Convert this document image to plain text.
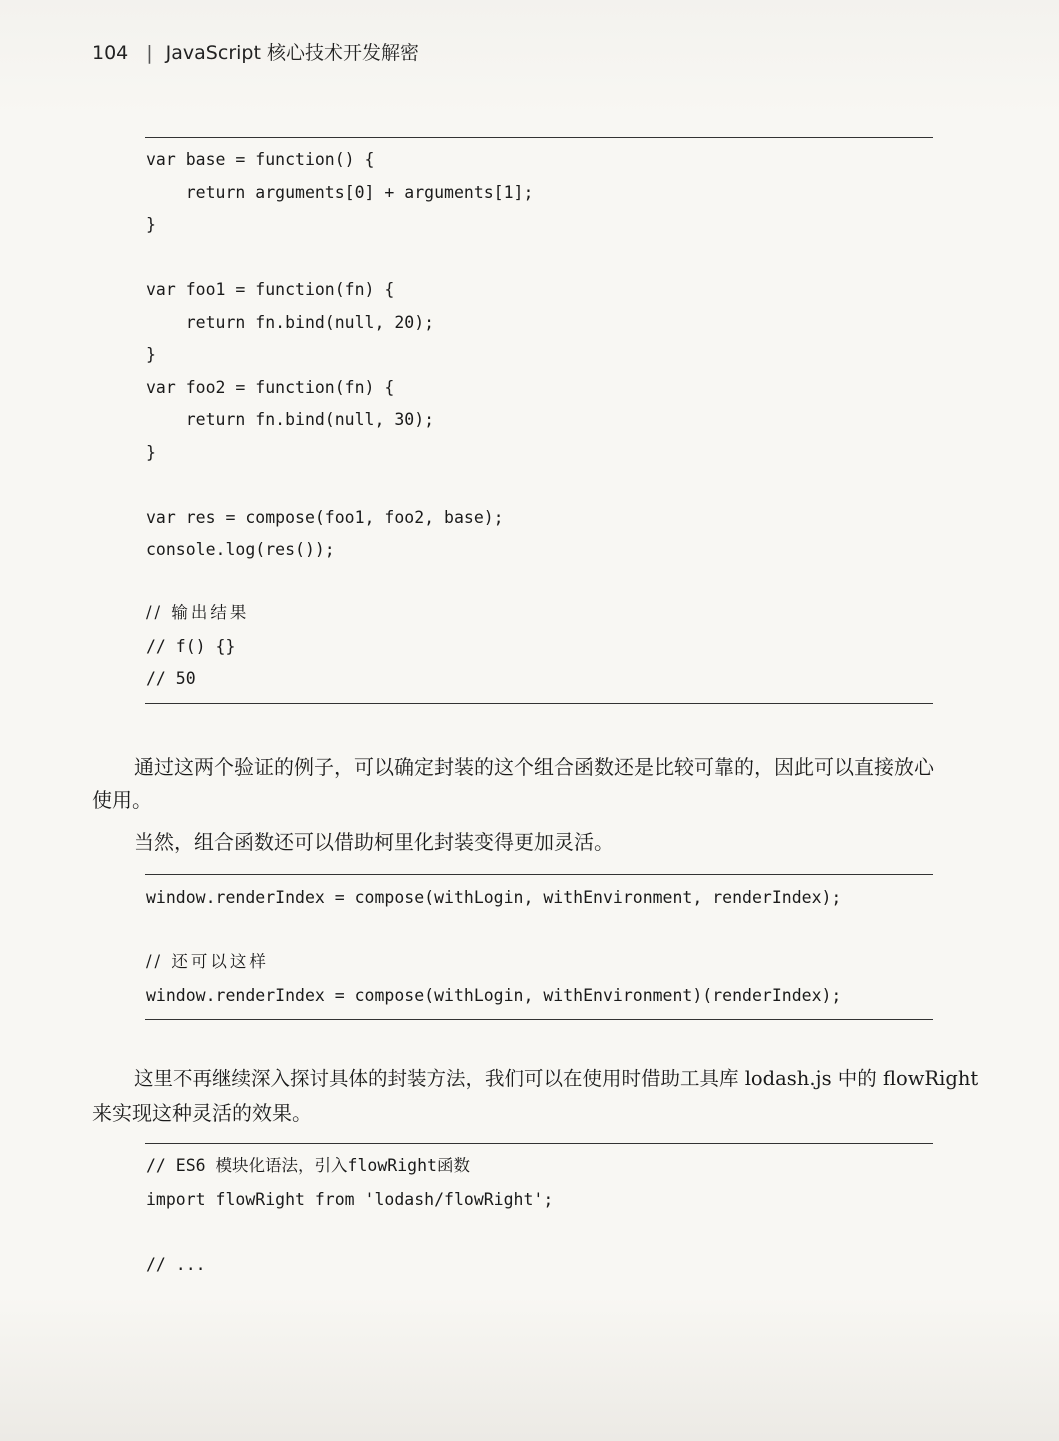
104 | JavaScript 核心技术开发解密
var base = function() {
return arguments[0] + arguments[1];
}
var foo1 = function(fn) {
return fn.bind(null, 20);
}
var foo2 = function(fn) {
return fn.bind(null, 30);
}
var res = compose(foo1, foo2, base);
console.log(res());
// 输出结果
// f() {}
// 50
通过这两个验证的例子，可以确定封装的这个组合函数还是比较可靠的，因此可以直接放心
使用。
当然，组合函数还可以借助柯里化封装变得更加灵活。
window.renderIndex = compose(withLogin, withEnvironment, renderIndex);
// 还可以这样
window.renderIndex = compose(withLogin, withEnvironment)(renderIndex);
这里不再继续深入探讨具体的封装方法，我们可以在使用时借助工具库 lodash.js 中的 flowRight
来实现这种灵活的效果。
// ES6 模块化语法，引入flowRight函数
import flowRight from 'lodash/flowRight';
// ...
